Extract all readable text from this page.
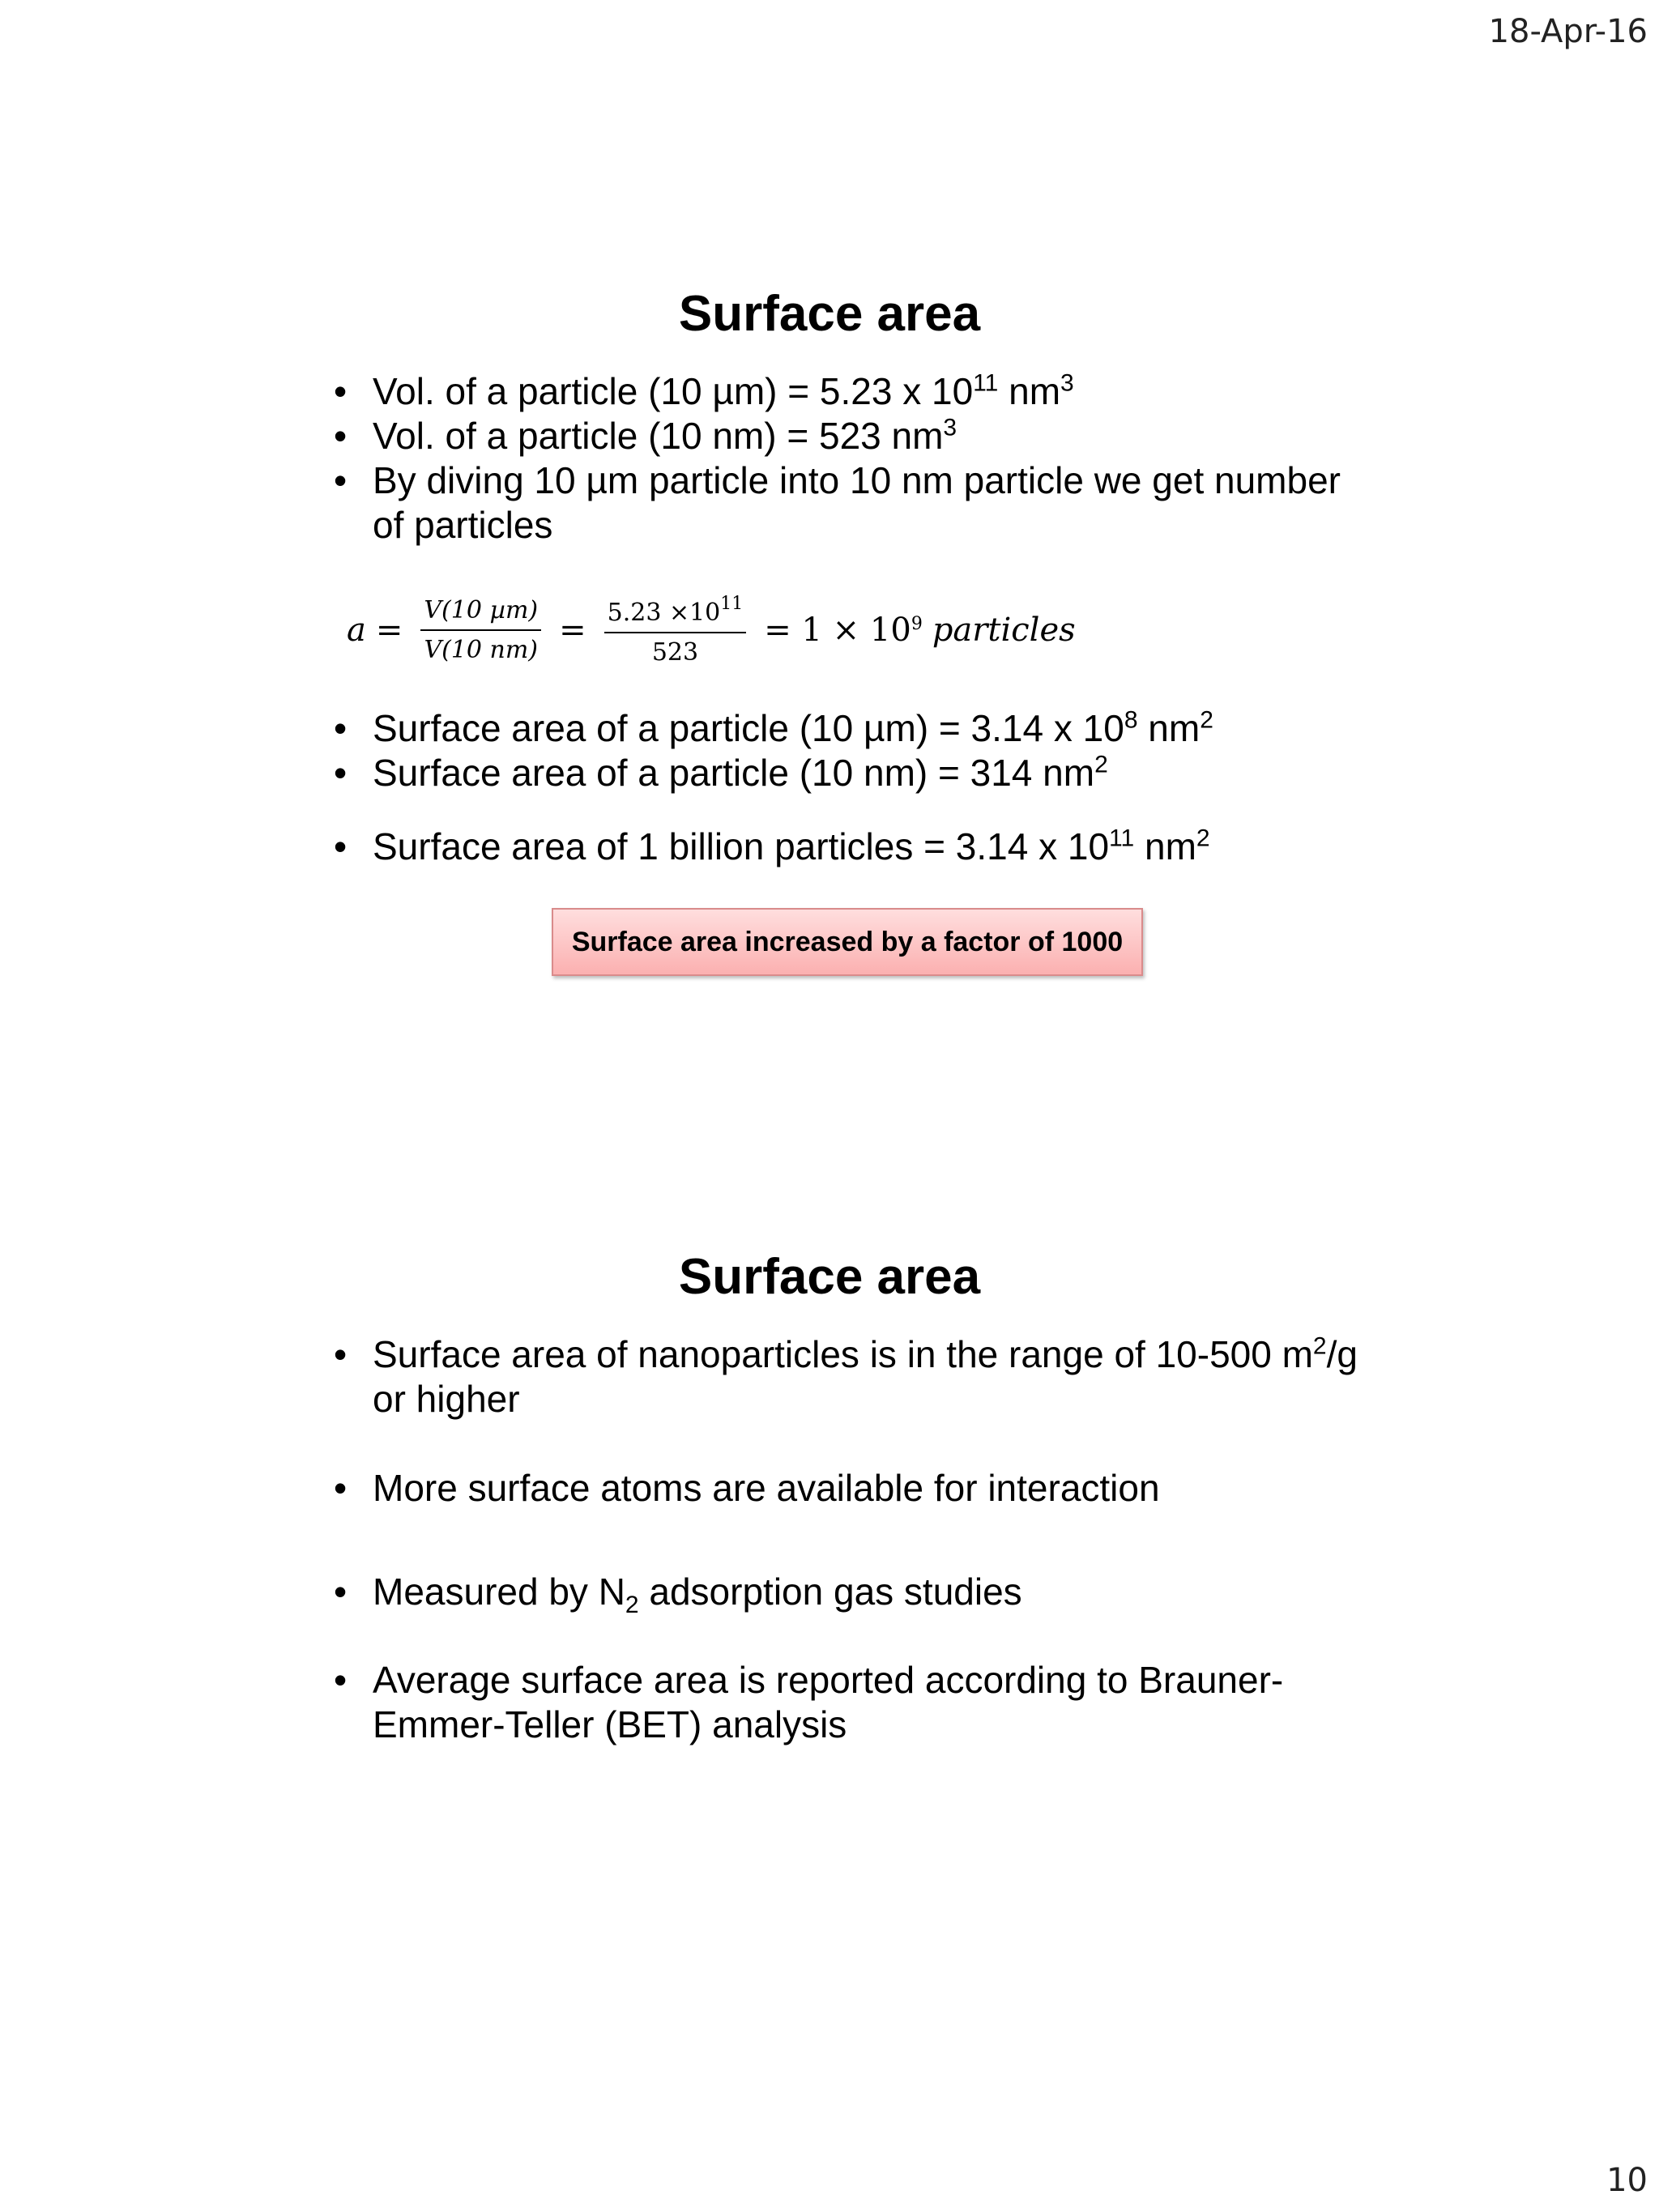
18-Apr-16
Surface area
• Vol. of a particle (10 µm) = 5.23 x $10^{11}$ $nm^3$
• Vol. of a particle (10 nm) = 523 $nm^3$
• By diving 10 µm particle into 10 nm particle we get number of particles
$a = \frac{\text{V(10 µm)}}{V(10 nm)} = \frac{5.23 \times 10^{11}}{523} = 1 \times 10^9$ particles
• Surface area of a particle (10 µm) = 3.14 x $10^8$ $nm^2$
• Surface area of a particle (10 nm) = 314 $nm^2$
• Surface area of 1 billion particles = 3.14 x $10^{11}$ $nm^2$
Surface area increased by a factor of 1000
Surface area
• Surface area of nanoparticles is in the range of 10-500 $m^2/g$ or higher
• More surface atoms are available for interaction
• Measured by $N_2$ adsorption gas studies
• Average surface area is reported according to Brauner-Emmer-Teller (BET) analysis
10
